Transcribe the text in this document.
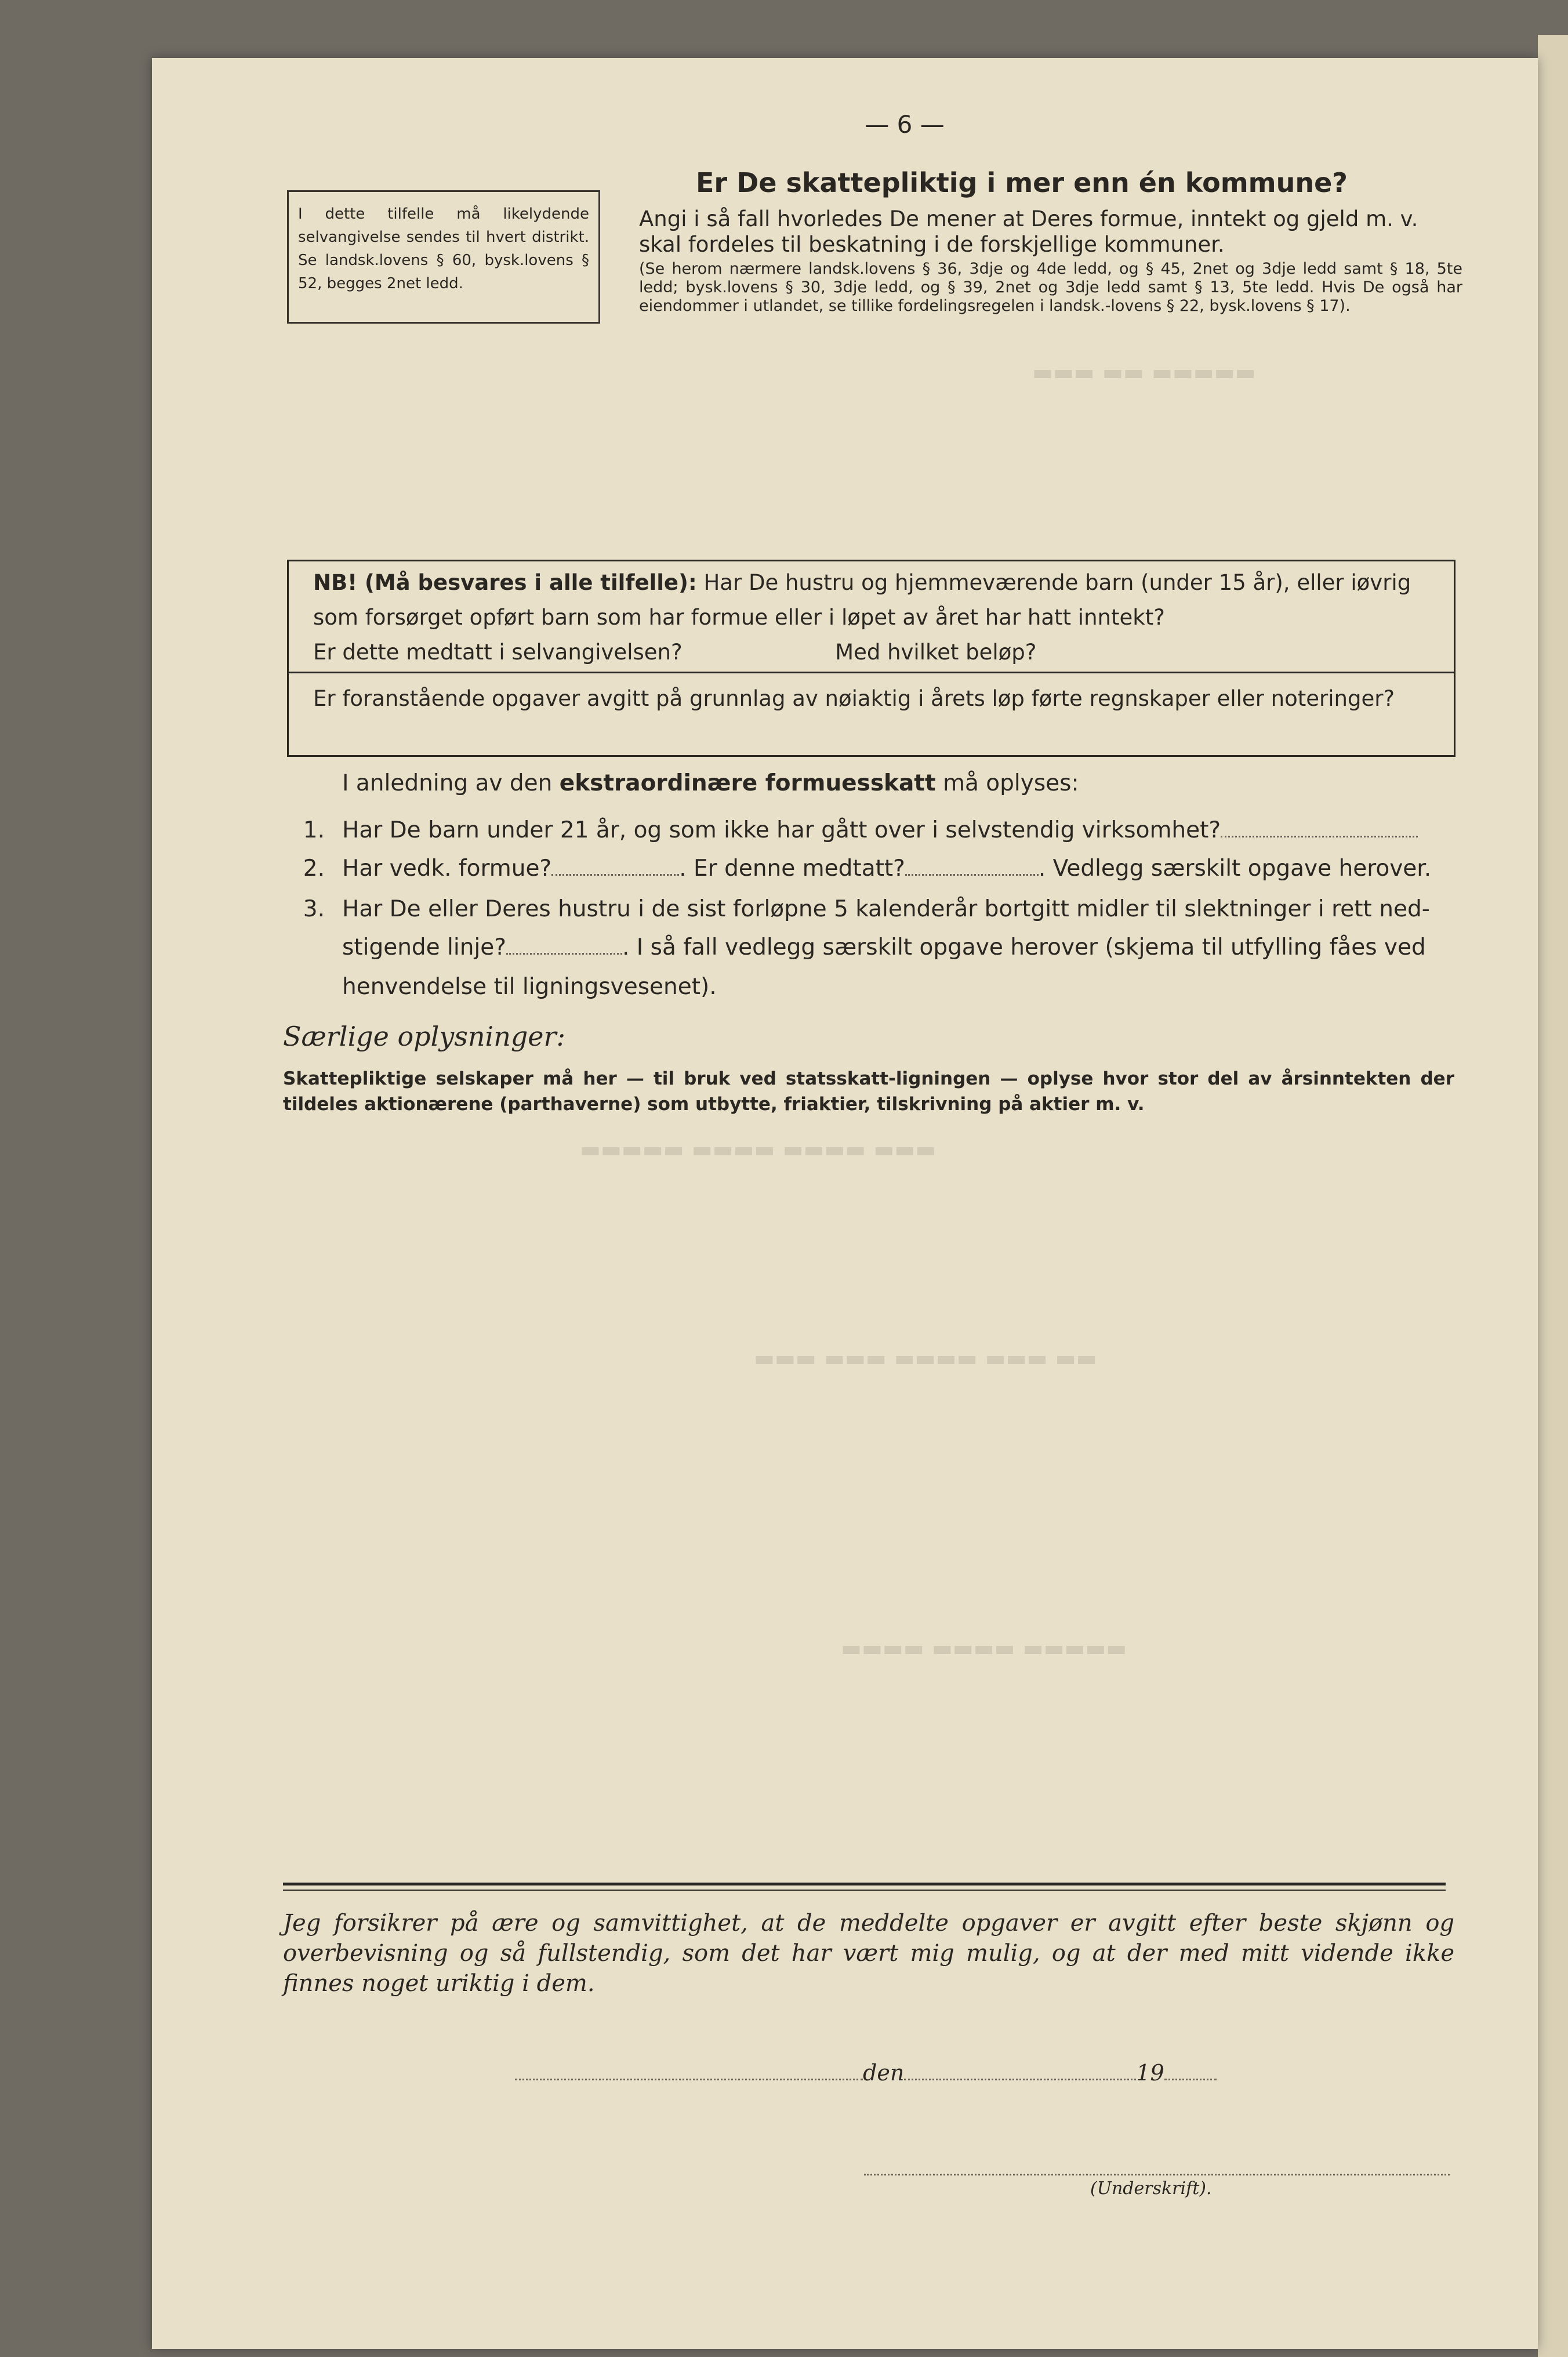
▬▬▬ ▬▬ ▬▬▬▬▬
▬▬▬▬▬ ▬▬▬▬ ▬▬▬▬ ▬▬▬
▬▬▬ ▬▬▬ ▬▬▬▬ ▬▬▬ ▬▬
▬▬▬▬ ▬▬▬▬ ▬▬▬▬▬
— 6 —

I dette tilfelle må likelydende selvangivelse sendes til hvert distrikt. Se landsk.lovens § 60, bysk.lovens § 52, begges 2net ledd.

Er De skattepliktig i mer enn én kommune?
Angi i så fall hvorledes De mener at Deres formue, inntekt og gjeld m. v. skal fordeles til beskatning i de forskjellige kommuner.
(Se herom nærmere landsk.lovens § 36, 3dje og 4de ledd, og § 45, 2net og 3dje ledd samt § 18, 5te ledd; bysk.lovens § 30, 3dje ledd, og § 39, 2net og 3dje ledd samt § 13, 5te ledd. Hvis De også har eiendommer i utlandet, se tillike fordelingsregelen i landsk.-lovens § 22, bysk.lovens § 17).
NB! (Må besvares i alle tilfelle): Har De hustru og hjemmeværende barn (under 15 år), eller iøvrig som forsørget opført barn som har formue eller i løpet av året har hatt inntekt?
Er dette medtatt i selvangivelsen?	Med hvilket beløp?
Er foranstående opgaver avgitt på grunnlag av nøiaktig i årets løp førte regnskaper eller noteringer?
I anledning av den ekstraordinære formuesskatt må oplyses:
1. Har De barn under 21 år, og som ikke har gått over i selvstendig virksomhet?
2. Har vedk. formue?	. Er denne medtatt?	. Vedlegg særskilt opgave herover.
3. Har De eller Deres hustru i de sist forløpne 5 kalenderår bortgitt midler til slektninger i rett ned-
stigende linje?	. I så fall vedlegg særskilt opgave herover (skjema til utfylling fåes ved
henvendelse til ligningsvesenet).
Særlige oplysninger:
Skattepliktige selskaper må her — til bruk ved statsskatt-ligningen — oplyse hvor stor del av årsinntekten der tildeles aktionærene (parthaverne) som utbytte, friaktier, tilskrivning på aktier m. v.
Jeg forsikrer på ære og samvittighet, at de meddelte opgaver er avgitt efter beste skjønn og overbevisning og så fullstendig, som det har vært mig mulig, og at der med mitt vidende ikke finnes noget uriktig i dem.
den	19
(Underskrift).
